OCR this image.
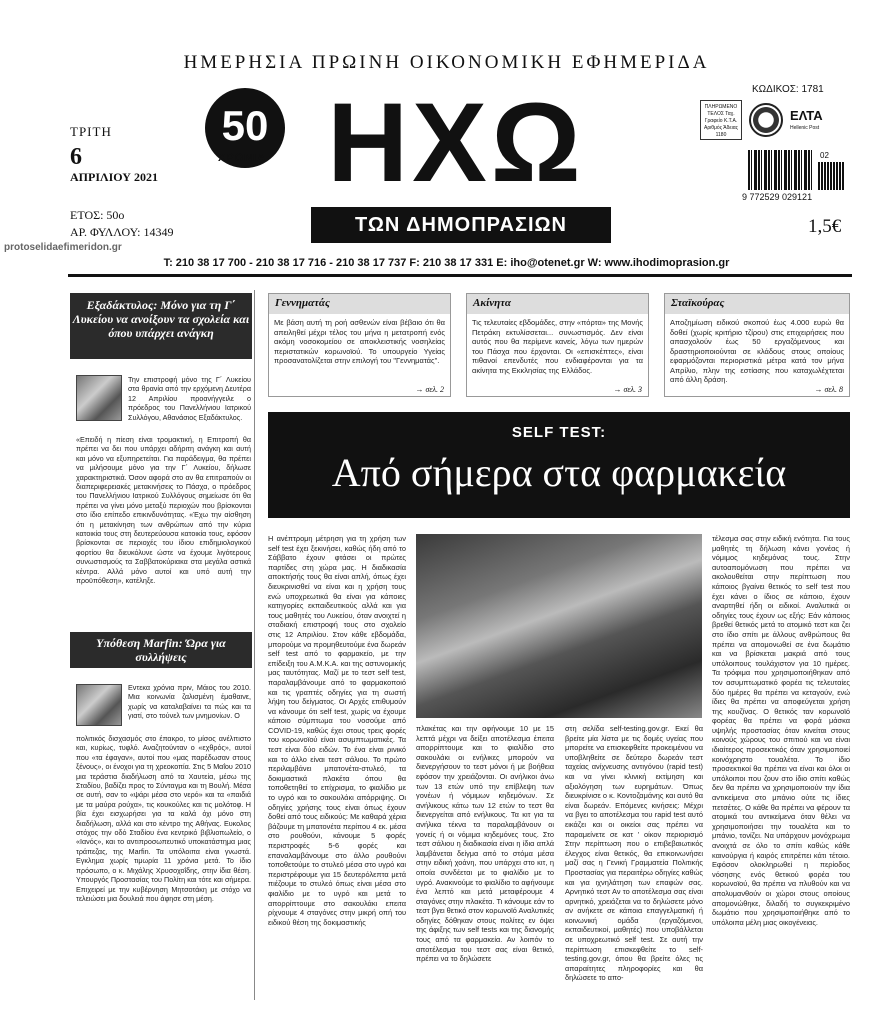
ΗΜΕΡΗΣΙΑ ΠΡΩΙΝΗ ΟΙΚΟΝΟΜΙΚΗ ΕΦΗΜΕΡΙΔΑ
ΤΡΙΤΗ
6
ΑΠΡΙΛΙΟΥ 2021
ΕΤΟΣ: 50ο
ΑΡ. ΦΥΛΛΟΥ: 14349
protoselidaefimeridon.gr
50
ΧΡΟΝΙΑ ΗΧΩ
ΤΩΝ ΔΗΜΟΠΡΑΣΙΩΝ
ΚΩΔΙΚΟΣ: 1781
ΠΛΗΡΩΜΕΝΟ ΤΕΛΟΣ Ταχ. Γραφείο Κ.Τ.Α. Αριθμός Άδειας 1180
ΕΛΤΑ
Hellenic Post
02
9 772529 029121
1,5€
T: 210 38 17 700 - 210 38 17 716 - 210 38 17 737 F: 210 38 17 331 E: iho@otenet.gr W: www.ihodimoprasion.gr
Εξαδάκτυλος: Μόνο για τη Γ΄ Λυκείου να ανοίξουν τα σχολεία και όπου υπάρχει ανάγκη
Την επιστροφή μόνο της Γ΄ Λυκείου στα θρανία από την ερχόμενη Δευτέρα 12 Απριλίου προανήγγειλε ο πρόεδρος του Πανελλήνιου Ιατρικού Συλλόγου, Αθανάσιος Εξαδάκτυλος.
«Επειδή η πίεση είναι τρομακτική, η Επιτροπή θα πρέπει να δει που υπάρχει αδήριτη ανάγκη και αυτή και μόνο να εξυπηρετείται. Για παράδειγμα, θα πρέπει να μιλήσουμε μόνο για την Γ΄ Λυκείου, δήλωσε χαρακτηριστικά. Όσον αφορά στο αν θα επιτραπούν οι διαπεριφερειακές μετακινήσεις το Πάσχα, ο πρόεδρος του Πανελλήνιου Ιατρικού Συλλόγους σημείωσε ότι θα πρέπει να γίνει μόνο μεταξύ περιοχών που βρίσκονται στο ίδιο επίπεδο επικινδυνότητας. «Έχω την αίσθηση ότι η μετακίνηση των ανθρώπων από την κύρια κατοικία τους στη δευτερεύουσα κατοικία τους, εφόσον βρίσκονται σε περιοχές του ίδιου επιδημιολογικού φορτίου θα διευκόλυνε ώστε να έχουμε λιγότερους συνωστισμούς τα Σαββατοκύριακα στα μεγάλα αστικά κέντρα. Αλλά μόνο αυτοί και υπό αυτή την προϋπόθεση», κατέληξε.
Υπόθεση Marfin: Ώρα για συλλήψεις
Εντεκα χρόνια πριν, Μάιος του 2010. Μια κοινωνία ζαλισμένη έμαθαινε, χωρίς να καταλαβαίνει τα πώς και τα γιατί, στο τούνελ των μνημονίων. Ο
πολιτικός δισχασμός στο έπακρο, το μίσος ανέλπιστο και, κυρίως, τυφλό. Αναζητούνταν ο «εχθρός», αυτοί που «τα έφαγαν», αυτοί που «μας παρέδωσαν στους ξένους», οι ένοχοι για τη χρεοκοπία. Στις 5 Μαΐου 2010 μια τεράστια διαδήλωση από τα Χαυτεία, μέσω της Σταδίου, βαδίζει προς το Σύνταγμα και τη Βουλή. Μέσα σε αυτή, σαν το «ψάρι μέσα στο νερό» και τα «παιδιά με τα μαύρα ρούχα», τις κουκούλες και τις μολότοφ. Η βία έχει εισχωρήσει για τα καλά όχι μόνο στη διαδήλωση, αλλά και στο κέντρο της Αθήνας. Ευκολος στόχος την οδό Σταδίου ένα κεντρικό βιβλιοπωλείο, ο «Ιανός», και το αντιπροσωπευτικό υποκατάστημα μιας τράπεζας, της Marfin. Τα υπόλοιπα είναι γνωστά. Εγκλημα χωρίς τιμωρία 11 χρόνια μετά. Το ίδιο πρόσωπο, ο κ. Μιχάλης Χρυσοχοΐδης, στην ίδια θέση. Υπουργός Προστασίας του Πολίτη και τότε και σήμερα. Επιχειρεί με την κυβέρνηση Μητσοτάκη με στόχο να τελειώσει μια δουλειά που άφησε στη μέση.
Γεννηματάς
Με βάση αυτή τη ροή ασθενών είναι βέβαιο ότι θα απειληθεί μέχρι τέλος του μήνα η μετατροπή ενός ακόμη νοσοκομείου σε αποκλειστικής νοσηλείας περιστατικών κορωνοϊού. Το υπουργείο Υγείας προσανατολίζεται στην επιλογή του "Γεννηματάς".
→ σελ. 2
Ακίνητα
Τις τελευταίες εβδομάδες, στην «πόρτα» της Μονής Πετράκη εκτυλίσσεται... συνωστισμός. Δεν είναι αυτός που θα περίμενε κανείς, λόγω των ημερών του Πάσχα που έρχονται. Οι «επισκέπτες», είναι πιθανοί επενδυτές που ενδιαφέρονται για τα ακίνητα της Εκκλησίας της Ελλάδος.
→ σελ. 3
Σταϊκούρας
Αποζημίωση ειδικού σκοπού έως 4.000 ευρώ θα δοθεί (χωρίς κριτήριο τζίρου) στις επιχειρήσεις που απασχολούν έως 50 εργαζόμενους και δραστηριοποιούνται σε κλάδους στους οποίους εφαρμόζονται περιοριστικά μέτρα κατά τον μήνα Απρίλιο, πλην της εστίασης που καταχωλέχτεται από άλλη δράση.
→ σελ. 8
SELF TEST:
Από σήμερα στα φαρμακεία
Η ανέπτρομη μέτρηση για τη χρήση των self test έχει ξεκινήσει, καθώς ήδη από το Σάββατο έχουν φτάσει οι πρώτες παρτίδες στη χώρα μας. Η διαδικασία αποκτήσής τους θα είναι απλή, όπως έχει διευκρινισθεί να είναι και η χρήση τους ενώ υποχρεωτικά θα είναι για κάποιες κατηγορίες εκπαιδευτικούς αλλά και για τους μαθητές του Λυκείου, όταν ανοιχτεί η σταδιακή επιστροφή τους στο σχολείο στις 12 Απριλίου. Στον κάθε εβδομάδα, μπορούμε να προμηθευτούμε ένα δωρεάν self test από το φαρμακείο, με την επίδειξη του Α.Μ.Κ.Α. και της αστυνομικής μας ταυτότητας. Μαζί με το τεστ self test, παραλαμβάνουμε από το φαρμακοποιό και τις γραπτές οδηγίες για τη σωστή λήψη του δείγματος. Οι Αρχές επιθυμούν να κάνουμε ότι self test, χωρίς να έχουμε κάποιο σύμπτωμα του νοσούμε από COVID-19, καθώς έχει στους τρεις φορές του κορωνοϊού είναι ασυμπτωματικές. Τα τεστ είναι δύο ειδών. Το ένα είναι ρινικό και το άλλο είναι τεστ σάλιου. Το πρώτο περιλαμβάνει μπατονέτα-στυλεό, τα δοκιμαστικά πλακέτα όπου θα τοποθετηθεί το επίχρισμα, το φιαλίδιο με το υγρό και το σακουλάκι απόρριψης. Οι οδηγίες χρήσης τους είναι όπως έχουν δοθεί από τους ειδικούς: Με καθαρά χέρια βάζουμε τη μπατονέτα περίπου 4 εκ. μέσα στο ρουθούνι, κάνουμε 5 φορές περιστροφές 5-6 φορές και επαναλαμβάνουμε στο άλλο ρουθούνι τοποθετούμε το στυλεό μέσα στο υγρό και περιστρέφουμε για 15 δευτερόλεπτα μετά πιέζουμε το στυλεό όπως είναι μέσα στο φιαλίδιο με το υγρό και μετά το απορρίπτουμε στο σακουλάκι επειτα ρίχνουμε 4 σταγόνες στην μικρή οπή του ειδικού θέση της δοκιμαστικής
πλακέτας και την αφήνουμε 10 με 15 λεπτά μέχρι να δείξει αποτέλεσμα έπειτα απορρίπτουμε και το φιαλίδιο στο σακουλάκι οι ενήλικες μπορούν να διενεργήσουν το τεστ μόνοι ή με βοήθεια εφόσον την χρειάζονται. Οι ανήλικοι άνω των 13 ετών υπό την επίβλεψη των γονέων ή νόμιμων κηδεμόνων. Σε ανήλικους κάτω των 12 ετών το τεστ θα διενεργείται από ενήλικους. Τα κιτ για τα ανήλικα τέκνα τα παραλαμβάνουν οι γονείς ή οι νόμιμα κηδεμόνες τους. Στο τεστ σάλιου η διαδικασία είναι η ίδια απλά λαμβάνεται δείγμα από το στόμα μέσα στην ειδική χοάνη, που υπάρχει στο κιτ, η οποία συνδέεται με το φιαλίδιο με το υγρό. Ανακινούμε το φιαλίδιο το αφήνουμε ένα λεπτό και μετά μεταφέρουμε 4 σταγόνες στην πλακέτα. Τι κάνουμε εάν το τεστ βγει θετικό στον κορωνοϊό Αναλυτικές οδηγίες δόθηκαν στους πολίτες εν όψει της άφιξης των self tests και της διανομής τους από τα φαρμακεία. Αν λοιπόν το αποτέλεσμα του τεστ σας είναι θετικό, πρέπει να το δηλώσετε
στη σελίδα self-testing.gov.gr. Εκεί θα βρείτε μία λίστα με τις δομές υγείας που μπορείτε να επισκεφθείτε προκειμένου να υποβληθείτε σε δεύτερο δωρεάν τεστ ταχείας ανίχνευσης αντιγόνου (rapid test) και να γίνει κλινική εκτίμηση και αξιολόγηση των ευρημάτων. Όπως διευκρίνισε ο κ. Κοντοζαμάνης και αυτό θα είναι δωρεάν. Επόμενες κινήσεις: Μέχρι να βγει το αποτέλεσμα του rapid test αυτό εικάζει και οι οικείοι σας πρέπει να παραμείνετε σε κατ ' οίκον περιορισμό Στην περίπτωση που ο επιβεβαιωτικός έλεγχος είναι θετικός, θα επικοινωνήσει μαζί σας η Γενική Γραμματεία Πολιτικής Προστασίας για περαιτέρω οδηγίες καθώς και για ιχνηλάτηση των επαφών σας. Αρνητικό τεστ Αν το αποτέλεσμα σας είναι αρνητικό, χρειάζεται να το δηλώσετε μόνο αν ανήκετε σε κάποια επαγγελματική ή κοινωνική ομάδα (εργαζόμενοι, εκπαιδευτικοί, μαθητές) που υποβάλλεται σε υποχρεωτικό self test. Σε αυτή την περίπτωση επισκεφθείτε το self-testing.gov.gr, όπου θα βρείτε όλες τις απαραίτητες πληροφορίες και θα δηλώσετε το απο-
τέλεσμα σας στην ειδική ενότητα. Για τους μαθητές τη δήλωση κάνει γονέας ή νόμιμος κηδεμόνας τους. Στην αυτοαπομόνωση που πρέπει να ακολουθείται στην περίπτωση που κάποιος βγαίνει θετικός το self test που έχει κάνει ο ίδιος σε κάποιο, έχουν αναρτηθεί ήδη οι ειδικοί. Αναλυτικά οι οδηγίες τους έχουν ως εξής: Εάν κάποιος βρεθεί θετικός μετά το ατομικό τεστ και ζει στο ίδιο σπίτι με άλλους ανθρώπους θα πρέπει να απομονωθεί σε ένα δωμάτιο και να βρίσκεται μακριά από τους υπόλοιπους τουλάχιστον για 10 ημέρες. Τα τρόφιμα που χρησιμοποιήθηκαν από τον ασυμπτωματικό φορέα τις τελευταίες δύο ημέρες θα πρέπει να κεταγούν, ενώ ίδιες θα πρέπει να αποφεύγεται χρήση της κουζίνας. Ο θετικός ταν κορωνοϊό φορέας θα πρέπει να φορά μάσκα υψηλής προστασίας όταν κινείται στους κοινούς χώρους του σπιτιού και να είναι ιδιαίτερος προσεκτικός όταν χρησιμοποιεί κοινόχρηστο τουαλέτα. Το ίδιο προσεκτικοί θα πρέπει να είναι και όλοι οι υπόλοιποι που ζουν στο ίδιο σπίτι καθώς δεν θα πρέπει να χρησιμοποιούν την ίδια αντικείμενα στο μπάνιο ούτε τις ίδιες πετσέτες. Ο κάθε θα πρέπει να φέρουν τα ατομικά του αντικείμενα όταν θέλει να χρησιμοποιήσει την τουαλέτα και το μπάνιο, τονίζει. Να υπάρχουν μονόχρωμα ανοιχτά σε όλο το σπίτι καθώς κάθε καινούργια ή καιρός επιτρέπει κάτι τέτοιο. Εφόσον ολοκληρωθεί η περίοδος νόσησης ενός θετικού φορέα του κορωνοϊού, θα πρέπει να πλυθούν και να απολυμανθούν οι χώροι στους οποίους απομονώθηκε, διλαδή το συγκεκριμένο δωμάτιο που χρησιμοποιήθηκε από το υπόλοιπα μέλη μιας οικογένειας.
